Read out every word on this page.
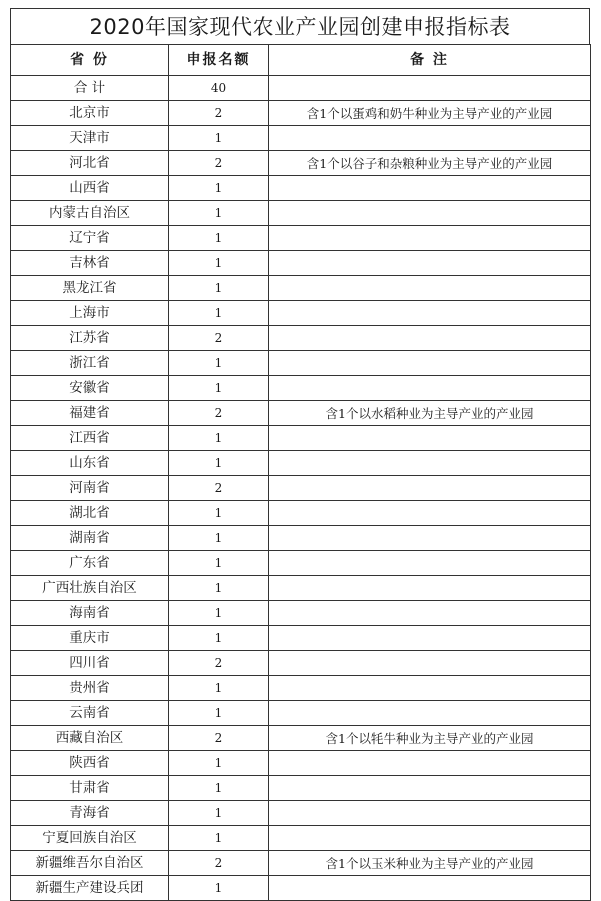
2020年国家现代农业产业园创建申报指标表
省 份	申报名额	备 注
合 计	40	
北京市	2	含1个以蛋鸡和奶牛种业为主导产业的产业园
天津市	1	
河北省	2	含1个以谷子和杂粮种业为主导产业的产业园
山西省	1	
内蒙古自治区	1	
辽宁省	1	
吉林省	1	
黑龙江省	1	
上海市	1	
江苏省	2	
浙江省	1	
安徽省	1	
福建省	2	含1个以水稻种业为主导产业的产业园
江西省	1	
山东省	1	
河南省	2	
湖北省	1	
湖南省	1	
广东省	1	
广西壮族自治区	1	
海南省	1	
重庆市	1	
四川省	2	
贵州省	1	
云南省	1	
西藏自治区	2	含1个以牦牛种业为主导产业的产业园
陕西省	1	
甘肃省	1	
青海省	1	
宁夏回族自治区	1	
新疆维吾尔自治区	2	含1个以玉米种业为主导产业的产业园
新疆生产建设兵团	1	
